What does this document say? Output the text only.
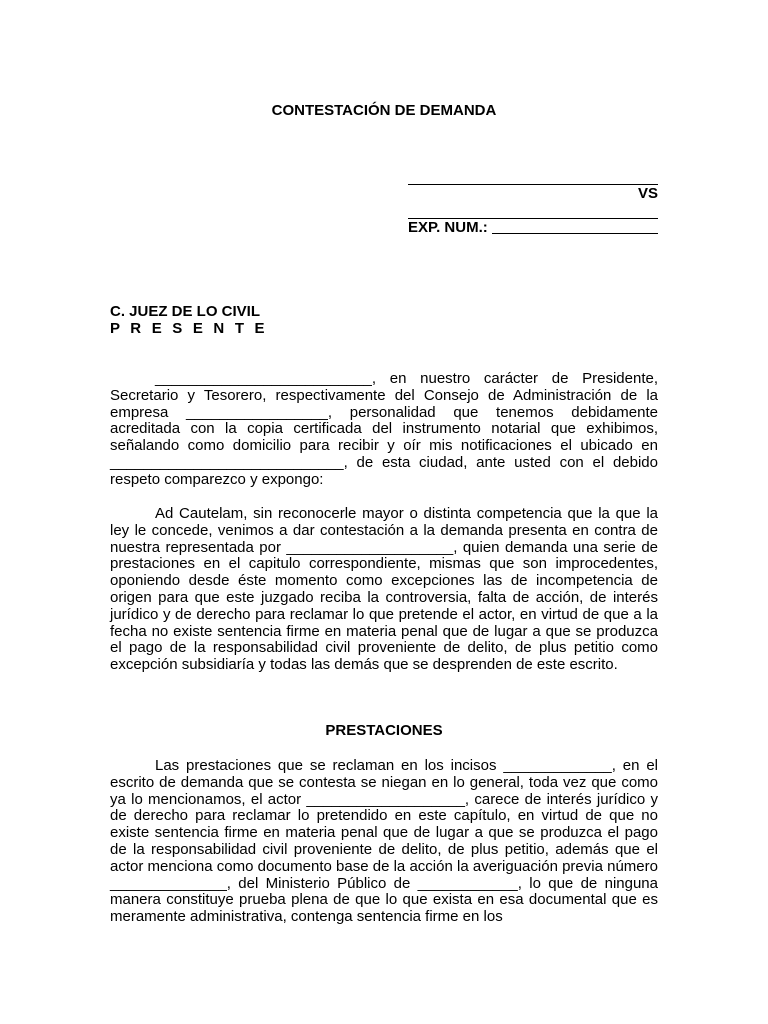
CONTESTACIÓN DE DEMANDA
VS
EXP. NUM.:
C. JUEZ DE LO CIVIL
P R E S E N T E

__________________________, en nuestro carácter de Presidente, Secretario y Tesorero, respectivamente del Consejo de Administración de la empresa _________________, personalidad que tenemos debidamente acreditada con la copia certificada del instrumento notarial que exhibimos, señalando como domicilio para recibir y oír mis notificaciones el ubicado en ____________________________, de esta ciudad, ante usted con el debido respeto comparezco y expongo:

Ad Cautelam, sin reconocerle mayor o distinta competencia que la que la ley le concede, venimos a dar contestación a la demanda presenta en contra de nuestra representada por ____________________, quien demanda una serie de prestaciones en el capitulo correspondiente, mismas que son improcedentes, oponiendo desde éste momento como excepciones las de incompetencia de origen para que este juzgado reciba la controversia, falta de acción, de interés jurídico y de derecho para reclamar lo que pretende el actor, en virtud de que a la fecha no existe sentencia firme en materia penal que de lugar a que se produzca el pago de la responsabilidad civil proveniente de delito, de plus petitio como excepción subsidiaría y todas las demás que se desprenden de este escrito.

PRESTACIONES

Las prestaciones que se reclaman en los incisos _____________, en el escrito de demanda que se contesta se niegan en lo general, toda vez que como ya lo mencionamos, el actor ___________________, carece de interés jurídico y de derecho para reclamar lo pretendido en este capítulo, en virtud de que no existe sentencia firme en materia penal que de lugar a que se produzca el pago de la responsabilidad civil proveniente de delito, de plus petitio, además que el actor menciona como documento base de la acción la averiguación previa número ______________, del Ministerio Público de ____________, lo que de ninguna manera constituye prueba plena de que lo que exista en esa documental que es meramente administrativa, contenga sentencia firme en los
